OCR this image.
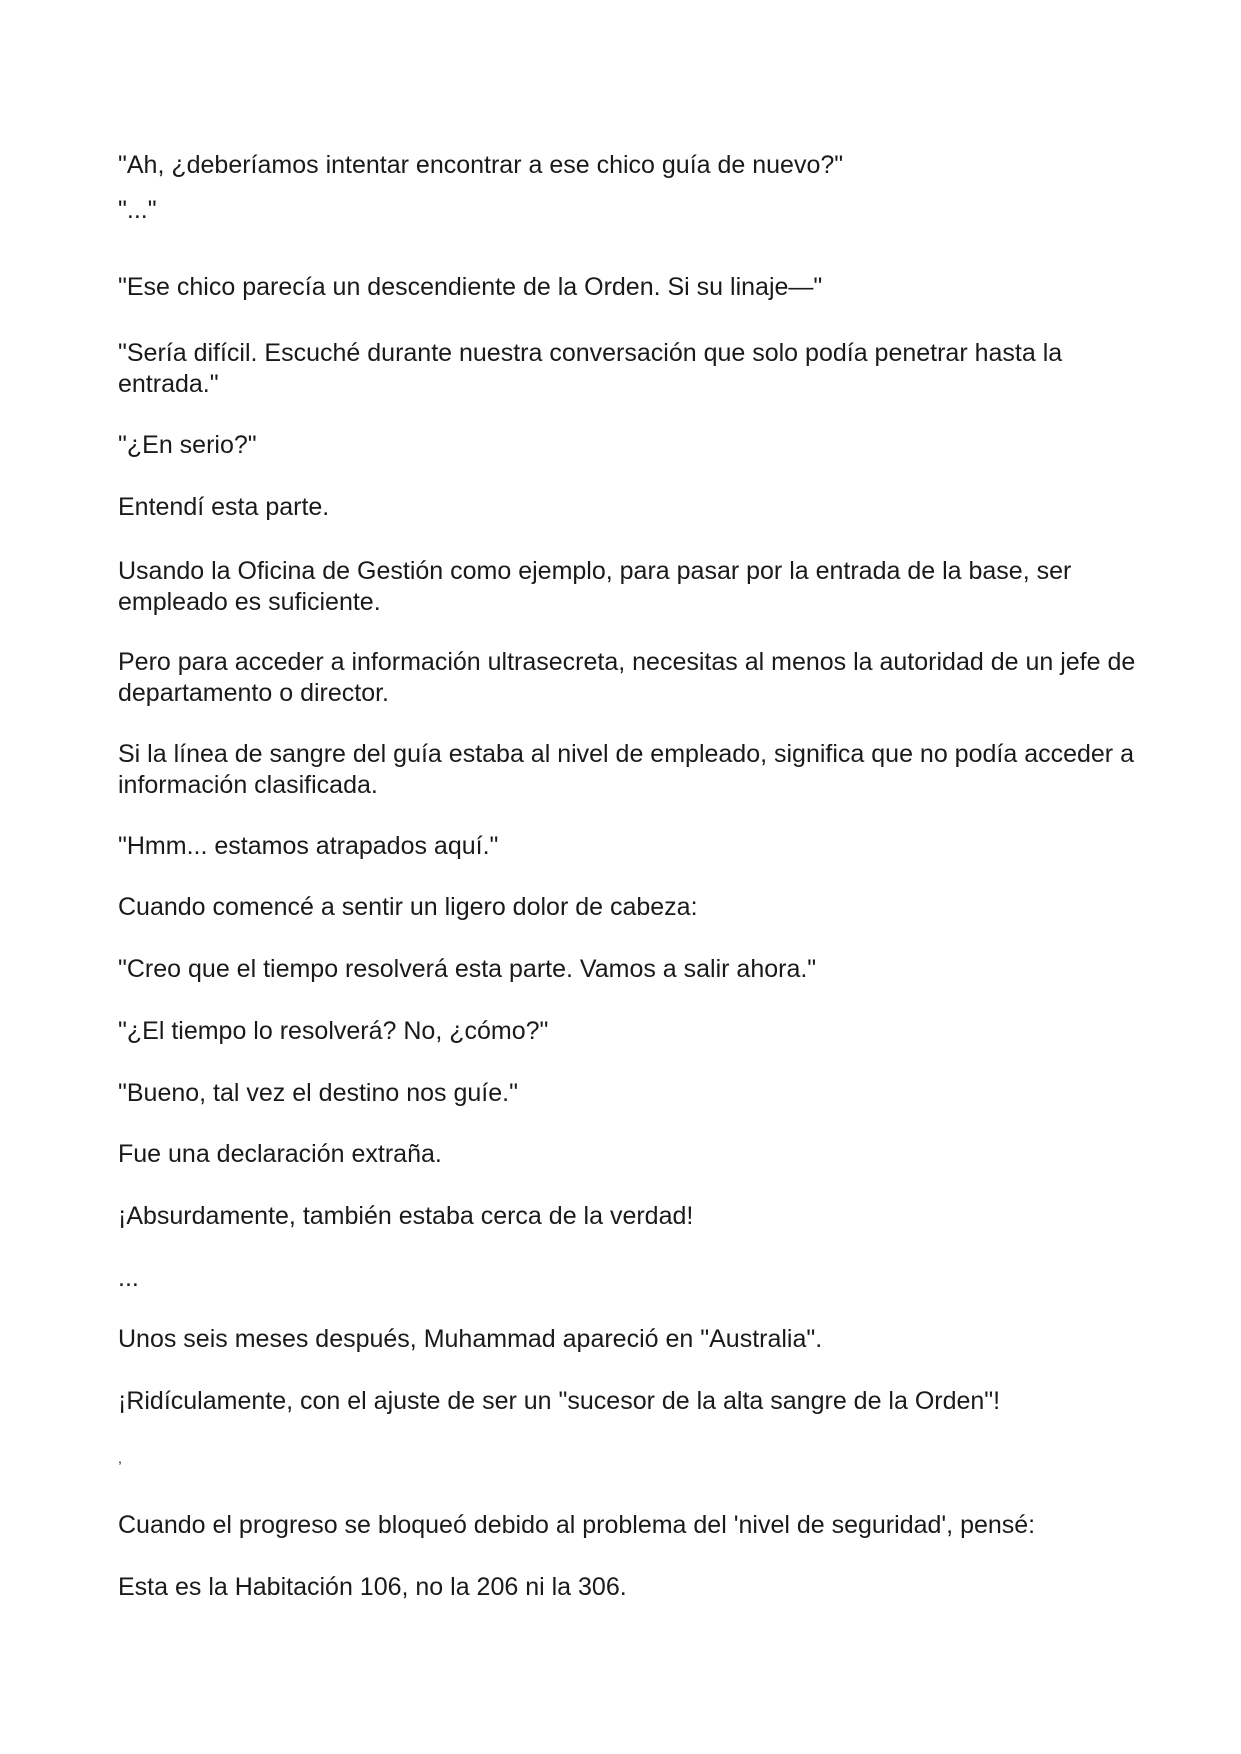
"Ah, ¿deberíamos intentar encontrar a ese chico guía de nuevo?"

"..."

"Ese chico parecía un descendiente de la Orden. Si su linaje—"

"Sería difícil. Escuché durante nuestra conversación que solo podía penetrar hasta la entrada."

"¿En serio?"

Entendí esta parte.

Usando la Oficina de Gestión como ejemplo, para pasar por la entrada de la base, ser empleado es suficiente.

Pero para acceder a información ultrasecreta, necesitas al menos la autoridad de un jefe de departamento o director.

Si la línea de sangre del guía estaba al nivel de empleado, significa que no podía acceder a información clasificada.

"Hmm... estamos atrapados aquí."

Cuando comencé a sentir un ligero dolor de cabeza:

"Creo que el tiempo resolverá esta parte. Vamos a salir ahora."

"¿El tiempo lo resolverá? No, ¿cómo?"

"Bueno, tal vez el destino nos guíe."

Fue una declaración extraña.

¡Absurdamente, también estaba cerca de la verdad!

...

Unos seis meses después, Muhammad apareció en "Australia".

¡Ridículamente, con el ajuste de ser un "sucesor de la alta sangre de la Orden"!

,

Cuando el progreso se bloqueó debido al problema del 'nivel de seguridad', pensé:

Esta es la Habitación 106, no la 206 ni la 306.
